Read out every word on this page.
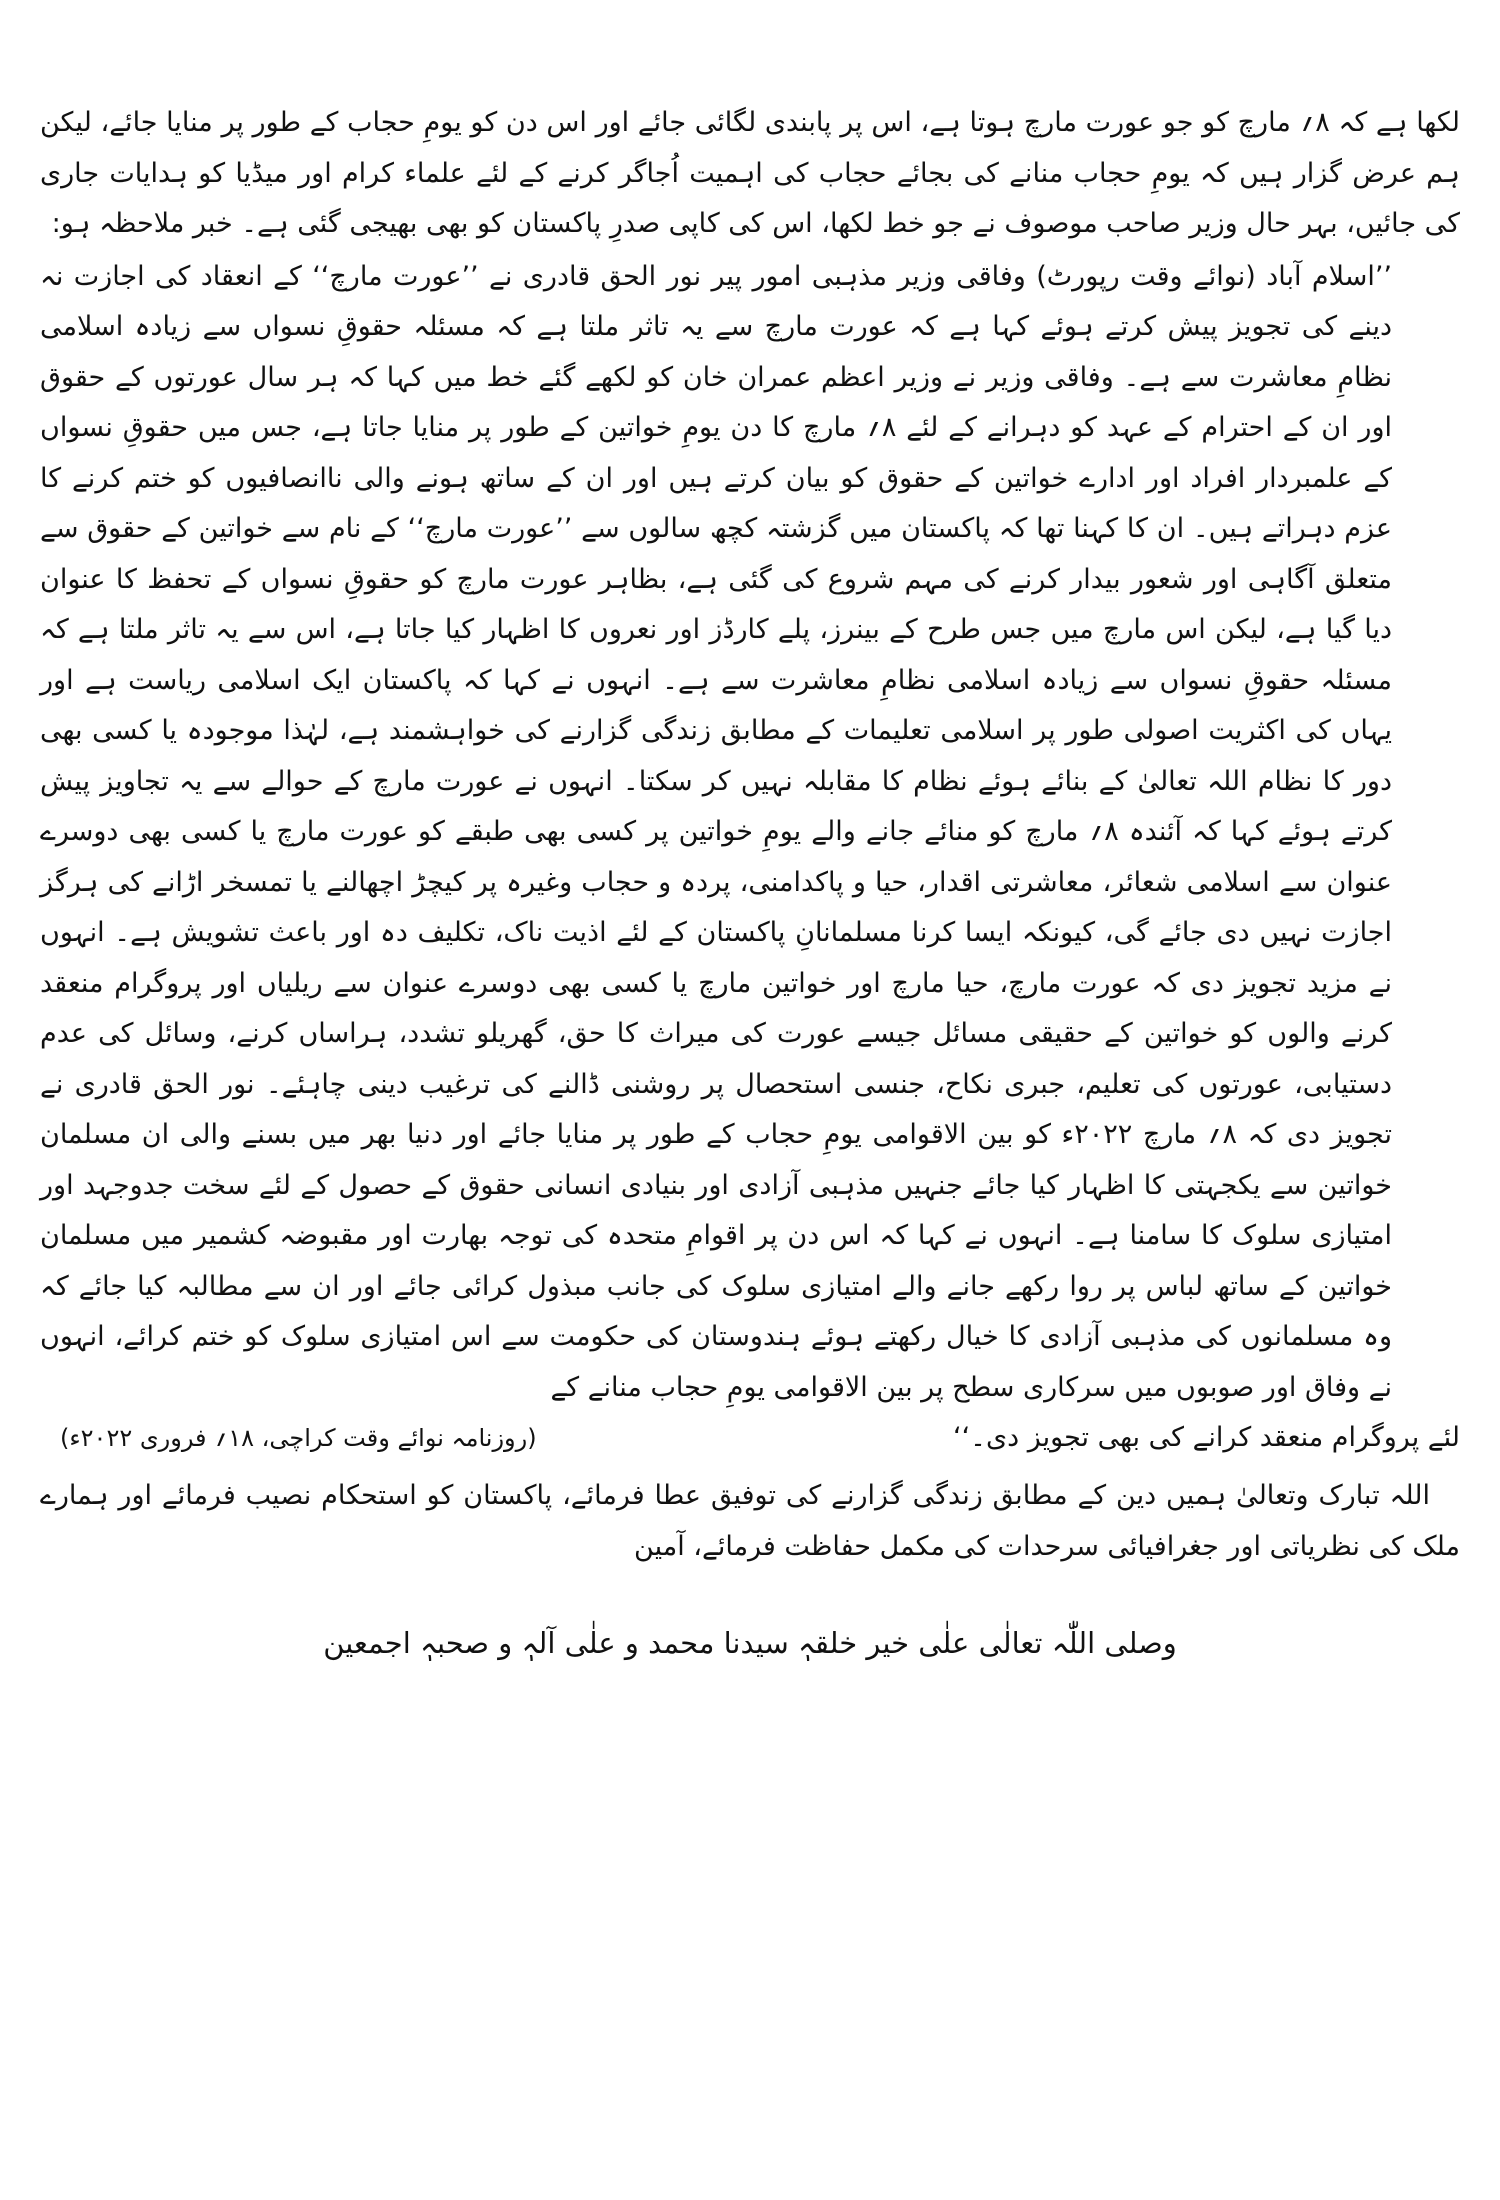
لکھا ہے کہ ۸؍ مارچ کو جو عورت مارچ ہوتا ہے، اس پر پابندی لگائی جائے اور اس دن کو یومِ حجاب کے طور پر منایا جائے، لیکن ہم عرض گزار ہیں کہ یومِ حجاب منانے کی بجائے حجاب کی اہمیت اُجاگر کرنے کے لئے علماء کرام اور میڈیا کو ہدایات جاری کی جائیں، بہر حال وزیر صاحب موصوف نے جو خط لکھا، اس کی کاپی صدرِ پاکستان کو بھی بھیجی گئی ہے۔ خبر ملاحظہ ہو:

’’اسلام آباد (نوائے وقت رپورٹ) وفاقی وزیر مذہبی امور پیر نور الحق قادری نے ’’عورت مارچ‘‘ کے انعقاد کی اجازت نہ دینے کی تجویز پیش کرتے ہوئے کہا ہے کہ عورت مارچ سے یہ تاثر ملتا ہے کہ مسئلہ حقوقِ نسواں سے زیادہ اسلامی نظامِ معاشرت سے ہے۔ وفاقی وزیر نے وزیر اعظم عمران خان کو لکھے گئے خط میں کہا کہ ہر سال عورتوں کے حقوق اور ان کے احترام کے عہد کو دہرانے کے لئے ۸؍ مارچ کا دن یومِ خواتین کے طور پر منایا جاتا ہے، جس میں حقوقِ نسواں کے علمبردار افراد اور ادارے خواتین کے حقوق کو بیان کرتے ہیں اور ان کے ساتھ ہونے والی ناانصافیوں کو ختم کرنے کا عزم دہراتے ہیں۔ ان کا کہنا تھا کہ پاکستان میں گزشتہ کچھ سالوں سے ’’عورت مارچ‘‘ کے نام سے خواتین کے حقوق سے متعلق آگاہی اور شعور بیدار کرنے کی مہم شروع کی گئی ہے، بظاہر عورت مارچ کو حقوقِ نسواں کے تحفظ کا عنوان دیا گیا ہے، لیکن اس مارچ میں جس طرح کے بینرز، پلے کارڈز اور نعروں کا اظہار کیا جاتا ہے، اس سے یہ تاثر ملتا ہے کہ مسئلہ حقوقِ نسواں سے زیادہ اسلامی نظامِ معاشرت سے ہے۔ انہوں نے کہا کہ پاکستان ایک اسلامی ریاست ہے اور یہاں کی اکثریت اصولی طور پر اسلامی تعلیمات کے مطابق زندگی گزارنے کی خواہشمند ہے، لہٰذا موجودہ یا کسی بھی دور کا نظام اللہ تعالیٰ کے بنائے ہوئے نظام کا مقابلہ نہیں کر سکتا۔ انہوں نے عورت مارچ کے حوالے سے یہ تجاویز پیش کرتے ہوئے کہا کہ آئندہ ۸؍ مارچ کو منائے جانے والے یومِ خواتین پر کسی بھی طبقے کو عورت مارچ یا کسی بھی دوسرے عنوان سے اسلامی شعائر، معاشرتی اقدار، حیا و پاکدامنی، پردہ و حجاب وغیرہ پر کیچڑ اچھالنے یا تمسخر اڑانے کی ہرگز اجازت نہیں دی جائے گی، کیونکہ ایسا کرنا مسلمانانِ پاکستان کے لئے اذیت ناک، تکلیف دہ اور باعث تشویش ہے۔ انہوں نے مزید تجویز دی کہ عورت مارچ، حیا مارچ اور خواتین مارچ یا کسی بھی دوسرے عنوان سے ریلیاں اور پروگرام منعقد کرنے والوں کو خواتین کے حقیقی مسائل جیسے عورت کی میراث کا حق، گھریلو تشدد، ہراساں کرنے، وسائل کی عدم دستیابی، عورتوں کی تعلیم، جبری نکاح، جنسی استحصال پر روشنی ڈالنے کی ترغیب دینی چاہئے۔ نور الحق قادری نے تجویز دی کہ ۸؍ مارچ ۲۰۲۲ء کو بین الاقوامی یومِ حجاب کے طور پر منایا جائے اور دنیا بھر میں بسنے والی ان مسلمان خواتین سے یکجہتی کا اظہار کیا جائے جنہیں مذہبی آزادی اور بنیادی انسانی حقوق کے حصول کے لئے سخت جدوجہد اور امتیازی سلوک کا سامنا ہے۔ انہوں نے کہا کہ اس دن پر اقوامِ متحدہ کی توجہ بھارت اور مقبوضہ کشمیر میں مسلمان خواتین کے ساتھ لباس پر روا رکھے جانے والے امتیازی سلوک کی جانب مبذول کرائی جائے اور ان سے مطالبہ کیا جائے کہ وہ مسلمانوں کی مذہبی آزادی کا خیال رکھتے ہوئے ہندوستان کی حکومت سے اس امتیازی سلوک کو ختم کرائے، انہوں نے وفاق اور صوبوں میں سرکاری سطح پر بین الاقوامی یومِ حجاب منانے کے

لئے پروگرام منعقد کرانے کی بھی تجویز دی۔‘‘
(روزنامہ نوائے وقت کراچی، ۱۸؍ فروری ۲۰۲۲ء)

اللہ تبارک وتعالیٰ ہمیں دین کے مطابق زندگی گزارنے کی توفیق عطا فرمائے، پاکستان کو استحکام نصیب فرمائے اور ہمارے ملک کی نظریاتی اور جغرافیائی سرحدات کی مکمل حفاظت فرمائے، آمین

وصلی اللّٰہ تعالٰی علٰی خیر خلقہٖ سیدنا محمد و علٰی آلہٖ و صحبہٖ اجمعین
